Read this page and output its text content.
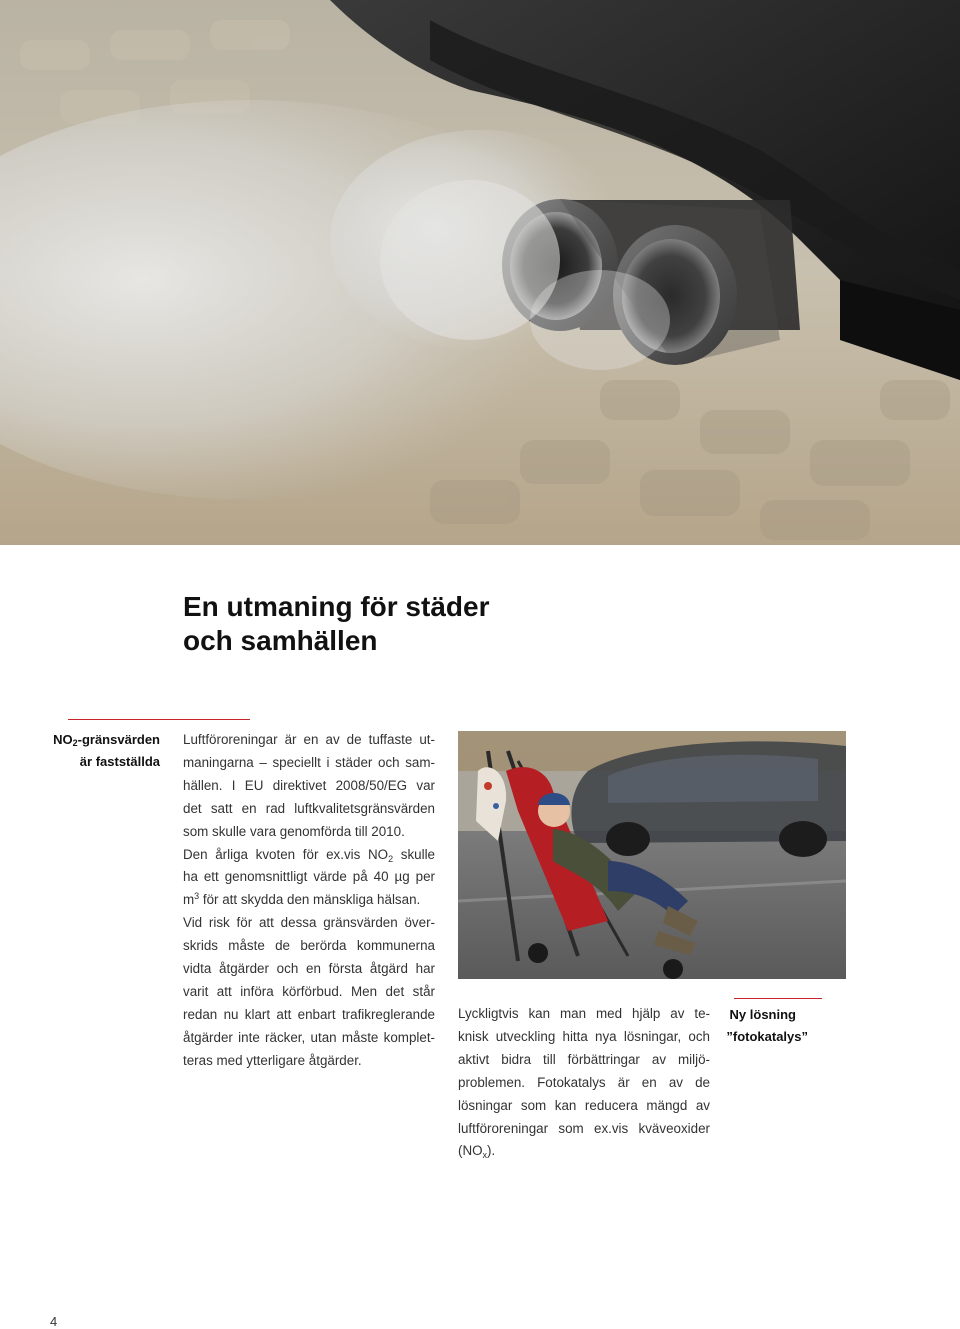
En utmaning för städer
och samhällen
$NO_2$-gränsvärden
är fastställda
Luftföroreningar är en av de tuffaste ut-
maningarna – speciellt i städer och sam-
hällen. I EU direktivet 2008/50/EG var
det satt en rad luftkvalitetsgränsvärden
som skulle vara genomförda till 2010.
Den årliga kvoten för ex.vis $NO_2$ skulle
ha ett genomsnittligt värde på 40 µg per
$m^3$ för att skydda den mänskliga hälsan.
Vid risk för att dessa gränsvärden över-
skrids måste de berörda kommunerna
vidta åtgärder och en första åtgärd har
varit att införa körförbud. Men det står
redan nu klart att enbart trafikreglerande
åtgärder inte räcker, utan måste komplet-
teras med ytterligare åtgärder.
Ny lösning
”fotokatalys”
Lyckligtvis kan man med hjälp av te-
knisk utveckling hitta nya lösningar, och
aktivt bidra till förbättringar av miljö-
problemen. Fotokatalys är en av de
lösningar som kan reducera mängd av
luftföroreningar som ex.vis kväveoxider
$(NO_x)$.
4
